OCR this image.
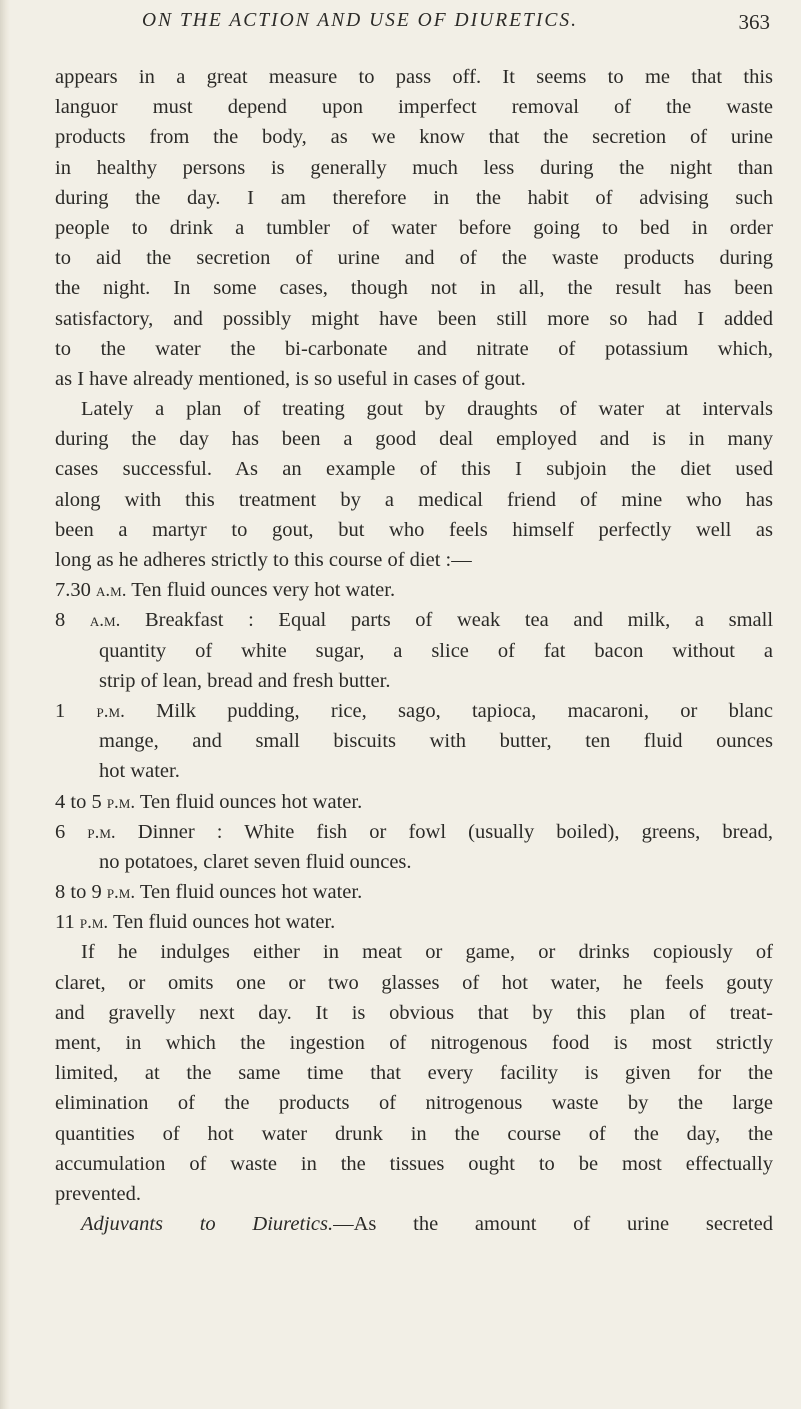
ON THE ACTION AND USE OF DIURETICS.	363
appears in a great measure to pass off. It seems to me that this
languor must depend upon imperfect removal of the waste
products from the body, as we know that the secretion of urine
in healthy persons is generally much less during the night than
during the day. I am therefore in the habit of advising such
people to drink a tumbler of water before going to bed in order
to aid the secretion of urine and of the waste products during
the night. In some cases, though not in all, the result has been
satisfactory, and possibly might have been still more so had I added
to the water the bi-carbonate and nitrate of potassium which,
as I have already mentioned, is so useful in cases of gout.
Lately a plan of treating gout by draughts of water at intervals
during the day has been a good deal employed and is in many
cases successful. As an example of this I subjoin the diet used
along with this treatment by a medical friend of mine who has
been a martyr to gout, but who feels himself perfectly well as
long as he adheres strictly to this course of diet :—
7.30 a.m. Ten fluid ounces very hot water.
8 a.m. Breakfast : Equal parts of weak tea and milk, a small
quantity of white sugar, a slice of fat bacon without a
strip of lean, bread and fresh butter.
1 p.m. Milk pudding, rice, sago, tapioca, macaroni, or blanc
mange, and small biscuits with butter, ten fluid ounces
hot water.
4 to 5 p.m. Ten fluid ounces hot water.
6 p.m. Dinner : White fish or fowl (usually boiled), greens, bread,
no potatoes, claret seven fluid ounces.
8 to 9 p.m. Ten fluid ounces hot water.
11 p.m. Ten fluid ounces hot water.
If he indulges either in meat or game, or drinks copiously of
claret, or omits one or two glasses of hot water, he feels gouty
and gravelly next day. It is obvious that by this plan of treat-
ment, in which the ingestion of nitrogenous food is most strictly
limited, at the same time that every facility is given for the
elimination of the products of nitrogenous waste by the large
quantities of hot water drunk in the course of the day, the
accumulation of waste in the tissues ought to be most effectually
prevented.
Adjuvants to Diuretics.—As the amount of urine secreted
